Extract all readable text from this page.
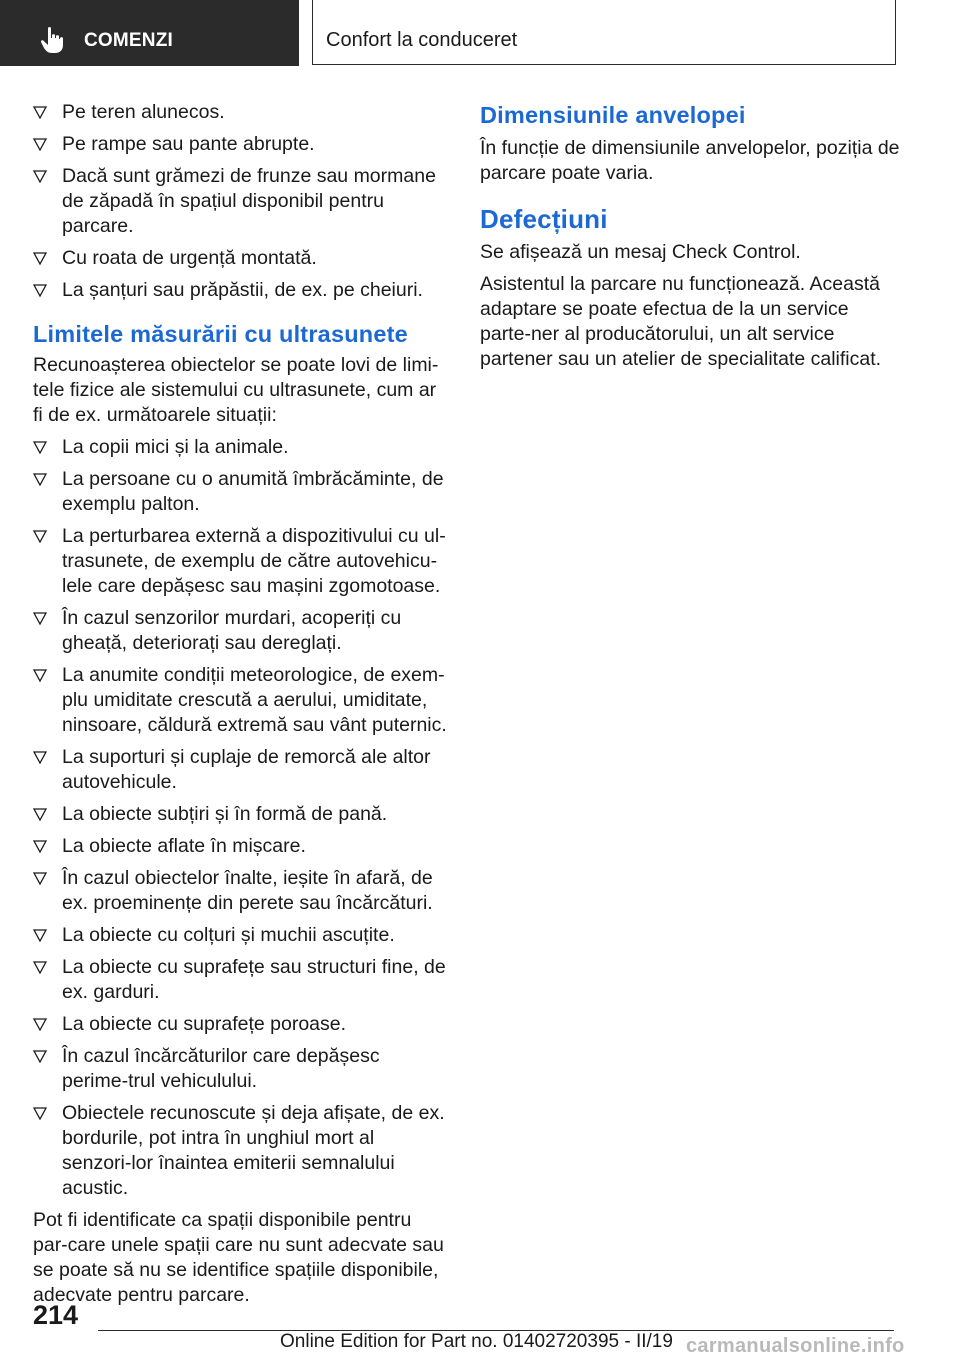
COMENZI	Confort la conduceret
Pe teren alunecos.
Pe rampe sau pante abrupte.
Dacă sunt grămezi de frunze sau mormane de zăpadă în spațiul disponibil pentru parcare.
Cu roata de urgență montată.
La șanțuri sau prăpăstii, de ex. pe cheiuri.
Limitele măsurării cu ultrasunete

Recunoașterea obiectelor se poate lovi de limi‐tele fizice ale sistemului cu ultrasunete, cum ar fi de ex. următoarele situații:

La copii mici și la animale.
La persoane cu o anumită îmbrăcăminte, de exemplu palton.
La perturbarea externă a dispozitivului cu ul‐trasunete, de exemplu de către autovehicu‐lele care depășesc sau mașini zgomotoase.
În cazul senzorilor murdari, acoperiți cu gheață, deteriorați sau dereglați.
La anumite condiții meteorologice, de exem‐plu umiditate crescută a aerului, umiditate, ninsoare, căldură extremă sau vânt puternic.
La suporturi și cuplaje de remorcă ale altor autovehicule.
La obiecte subțiri și în formă de pană.
La obiecte aflate în mișcare.
În cazul obiectelor înalte, ieșite în afară, de ex. proeminențe din perete sau încărcături.
La obiecte cu colțuri și muchii ascuțite.
La obiecte cu suprafețe sau structuri fine, de ex. garduri.
La obiecte cu suprafețe poroase.
În cazul încărcăturilor care depășesc perime‐trul vehiculului.
Obiectele recunoscute și deja afișate, de ex. bordurile, pot intra în unghiul mort al senzori‐lor înaintea emiterii semnalului acustic.

Pot fi identificate ca spații disponibile pentru par‐care unele spații care nu sunt adecvate sau se poate să nu se identifice spațiile disponibile, adecvate pentru parcare.

Dimensiunile anvelopei

În funcție de dimensiunile anvelopelor, poziția de parcare poate varia.

Defecțiuni

Se afișează un mesaj Check Control.

Asistentul la parcare nu funcționează. Această adaptare se poate efectua de la un service parte‐ner al producătorului, un alt service partener sau un atelier de specialitate calificat.

214
Online Edition for Part no. 01402720395 - II/19 carmanualsonline.info
